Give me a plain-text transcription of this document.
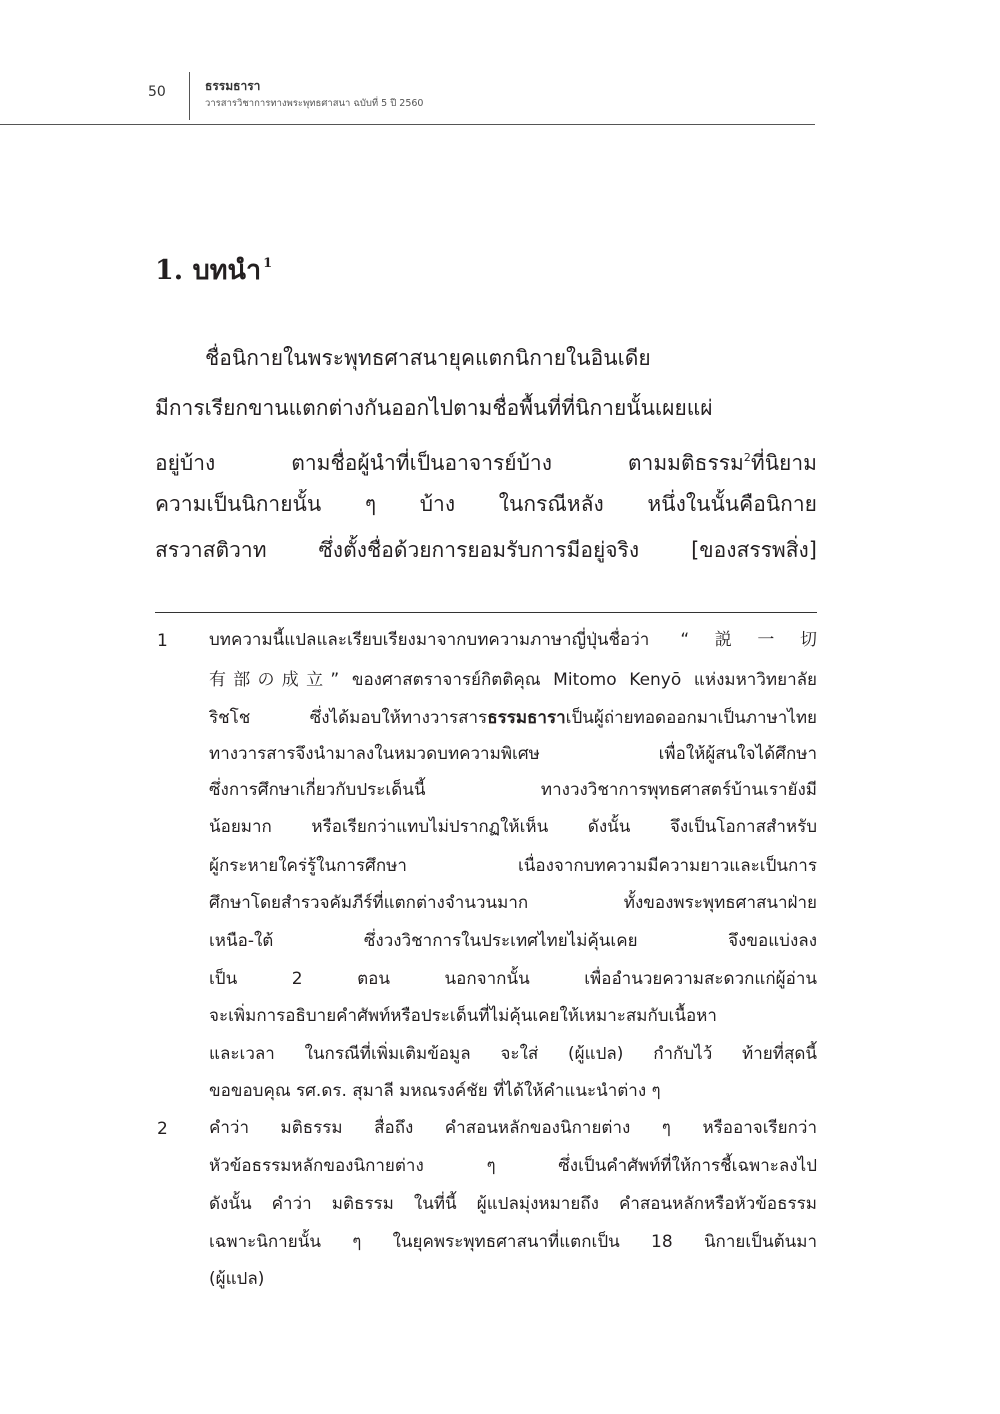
50	ธรรมธารา
วารสารวิชาการทางพระพุทธศาสนา ฉบับที่ 5 ปี 2560
1. บทนำ $^1$
ชื่อนิกายในพระพุทธศาสนายุคแตกนิกายในอินเดีย
มีการเรียกขานแตกต่างกันออกไปตามชื่อพื้นที่ที่นิกายนั้นเผยแผ่
อยู่บ้าง ตามชื่อผู้นำที่เป็นอาจารย์บ้าง ตามมติธรรม$^2$ที่นิยาม
ความเป็นนิกายนั้น ๆ บ้าง ในกรณีหลัง หนึ่งในนั้นคือนิกาย
สรวาสติวาท ซึ่งตั้งชื่อด้วยการยอมรับการมีอยู่จริง [ของสรรพสิ่ง]
1 บทความนี้แปลและเรียบเรียงมาจากบทความภาษาญี่ปุ่นชื่อว่า “説一切
有部の成立” ของศาสตราจารย์กิตติคุณ Mitomo Kenyō แห่งมหาวิทยาลัย
ริชโช ซึ่งได้มอบให้ทางวารสารธรรมธาราเป็นผู้ถ่ายทอดออกมาเป็นภาษาไทย
ทางวารสารจึงนำมาลงในหมวดบทความพิเศษ เพื่อให้ผู้สนใจได้ศึกษา
ซึ่งการศึกษาเกี่ยวกับประเด็นนี้ ทางวงวิชาการพุทธศาสตร์บ้านเรายังมี
น้อยมาก หรือเรียกว่าแทบไม่ปรากฏให้เห็น ดังนั้น จึงเป็นโอกาสสำหรับ
ผู้กระหายใคร่รู้ในการศึกษา เนื่องจากบทความมีความยาวและเป็นการ
ศึกษาโดยสำรวจคัมภีร์ที่แตกต่างจำนวนมาก ทั้งของพระพุทธศาสนาฝ่าย
เหนือ-ใต้ ซึ่งวงวิชาการในประเทศไทยไม่คุ้นเคย จึงขอแบ่งลง
เป็น 2 ตอน นอกจากนั้น เพื่ออำนวยความสะดวกแก่ผู้อ่าน
จะเพิ่มการอธิบายคำศัพท์หรือประเด็นที่ไม่คุ้นเคยให้เหมาะสมกับเนื้อหา
และเวลา ในกรณีที่เพิ่มเติมข้อมูล จะใส่ (ผู้แปล) กำกับไว้ ท้ายที่สุดนี้
ขอขอบคุณ รศ.ดร. สุมาลี มหณรงค์ชัย ที่ได้ให้คำแนะนำต่าง ๆ
2 คำว่า มติธรรม สื่อถึง คำสอนหลักของนิกายต่าง ๆ หรืออาจเรียกว่า
หัวข้อธรรมหลักของนิกายต่าง ๆ ซึ่งเป็นคำศัพท์ที่ให้การชี้เฉพาะลงไป
ดังนั้น คำว่า มติธรรม ในที่นี้ ผู้แปลมุ่งหมายถึง คำสอนหลักหรือหัวข้อธรรม
เฉพาะนิกายนั้น ๆ ในยุคพระพุทธศาสนาที่แตกเป็น 18 นิกายเป็นต้นมา
(ผู้แปล)
